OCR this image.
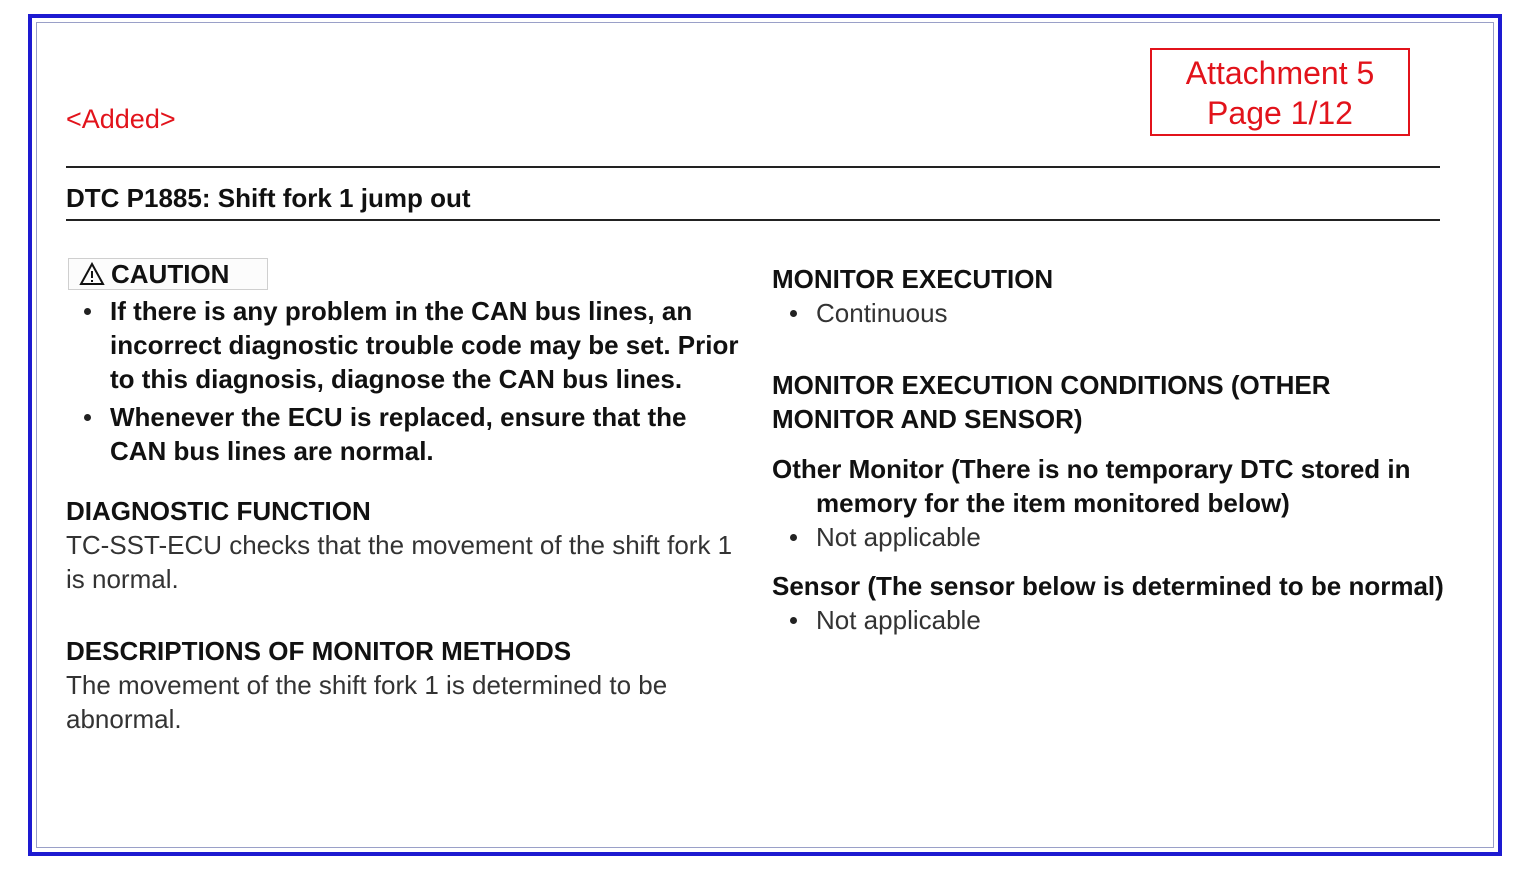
<Added>
Attachment 5
Page 1/12
DTC P1885: Shift fork 1 jump out
CAUTION
If there is any problem in the CAN bus lines, an incorrect diagnostic trouble code may be set. Prior to this diagnosis, diagnose the CAN bus lines.
Whenever the ECU is replaced, ensure that the CAN bus lines are normal.
DIAGNOSTIC FUNCTION
TC-SST-ECU checks that the movement of the shift fork 1 is normal.
DESCRIPTIONS OF MONITOR METHODS
The movement of the shift fork 1 is determined to be abnormal.
MONITOR EXECUTION
Continuous
MONITOR EXECUTION CONDITIONS (OTHER MONITOR AND SENSOR)
Other Monitor (There is no temporary DTC stored in memory for the item monitored below)
Not applicable
Sensor (The sensor below is determined to be normal)
Not applicable
